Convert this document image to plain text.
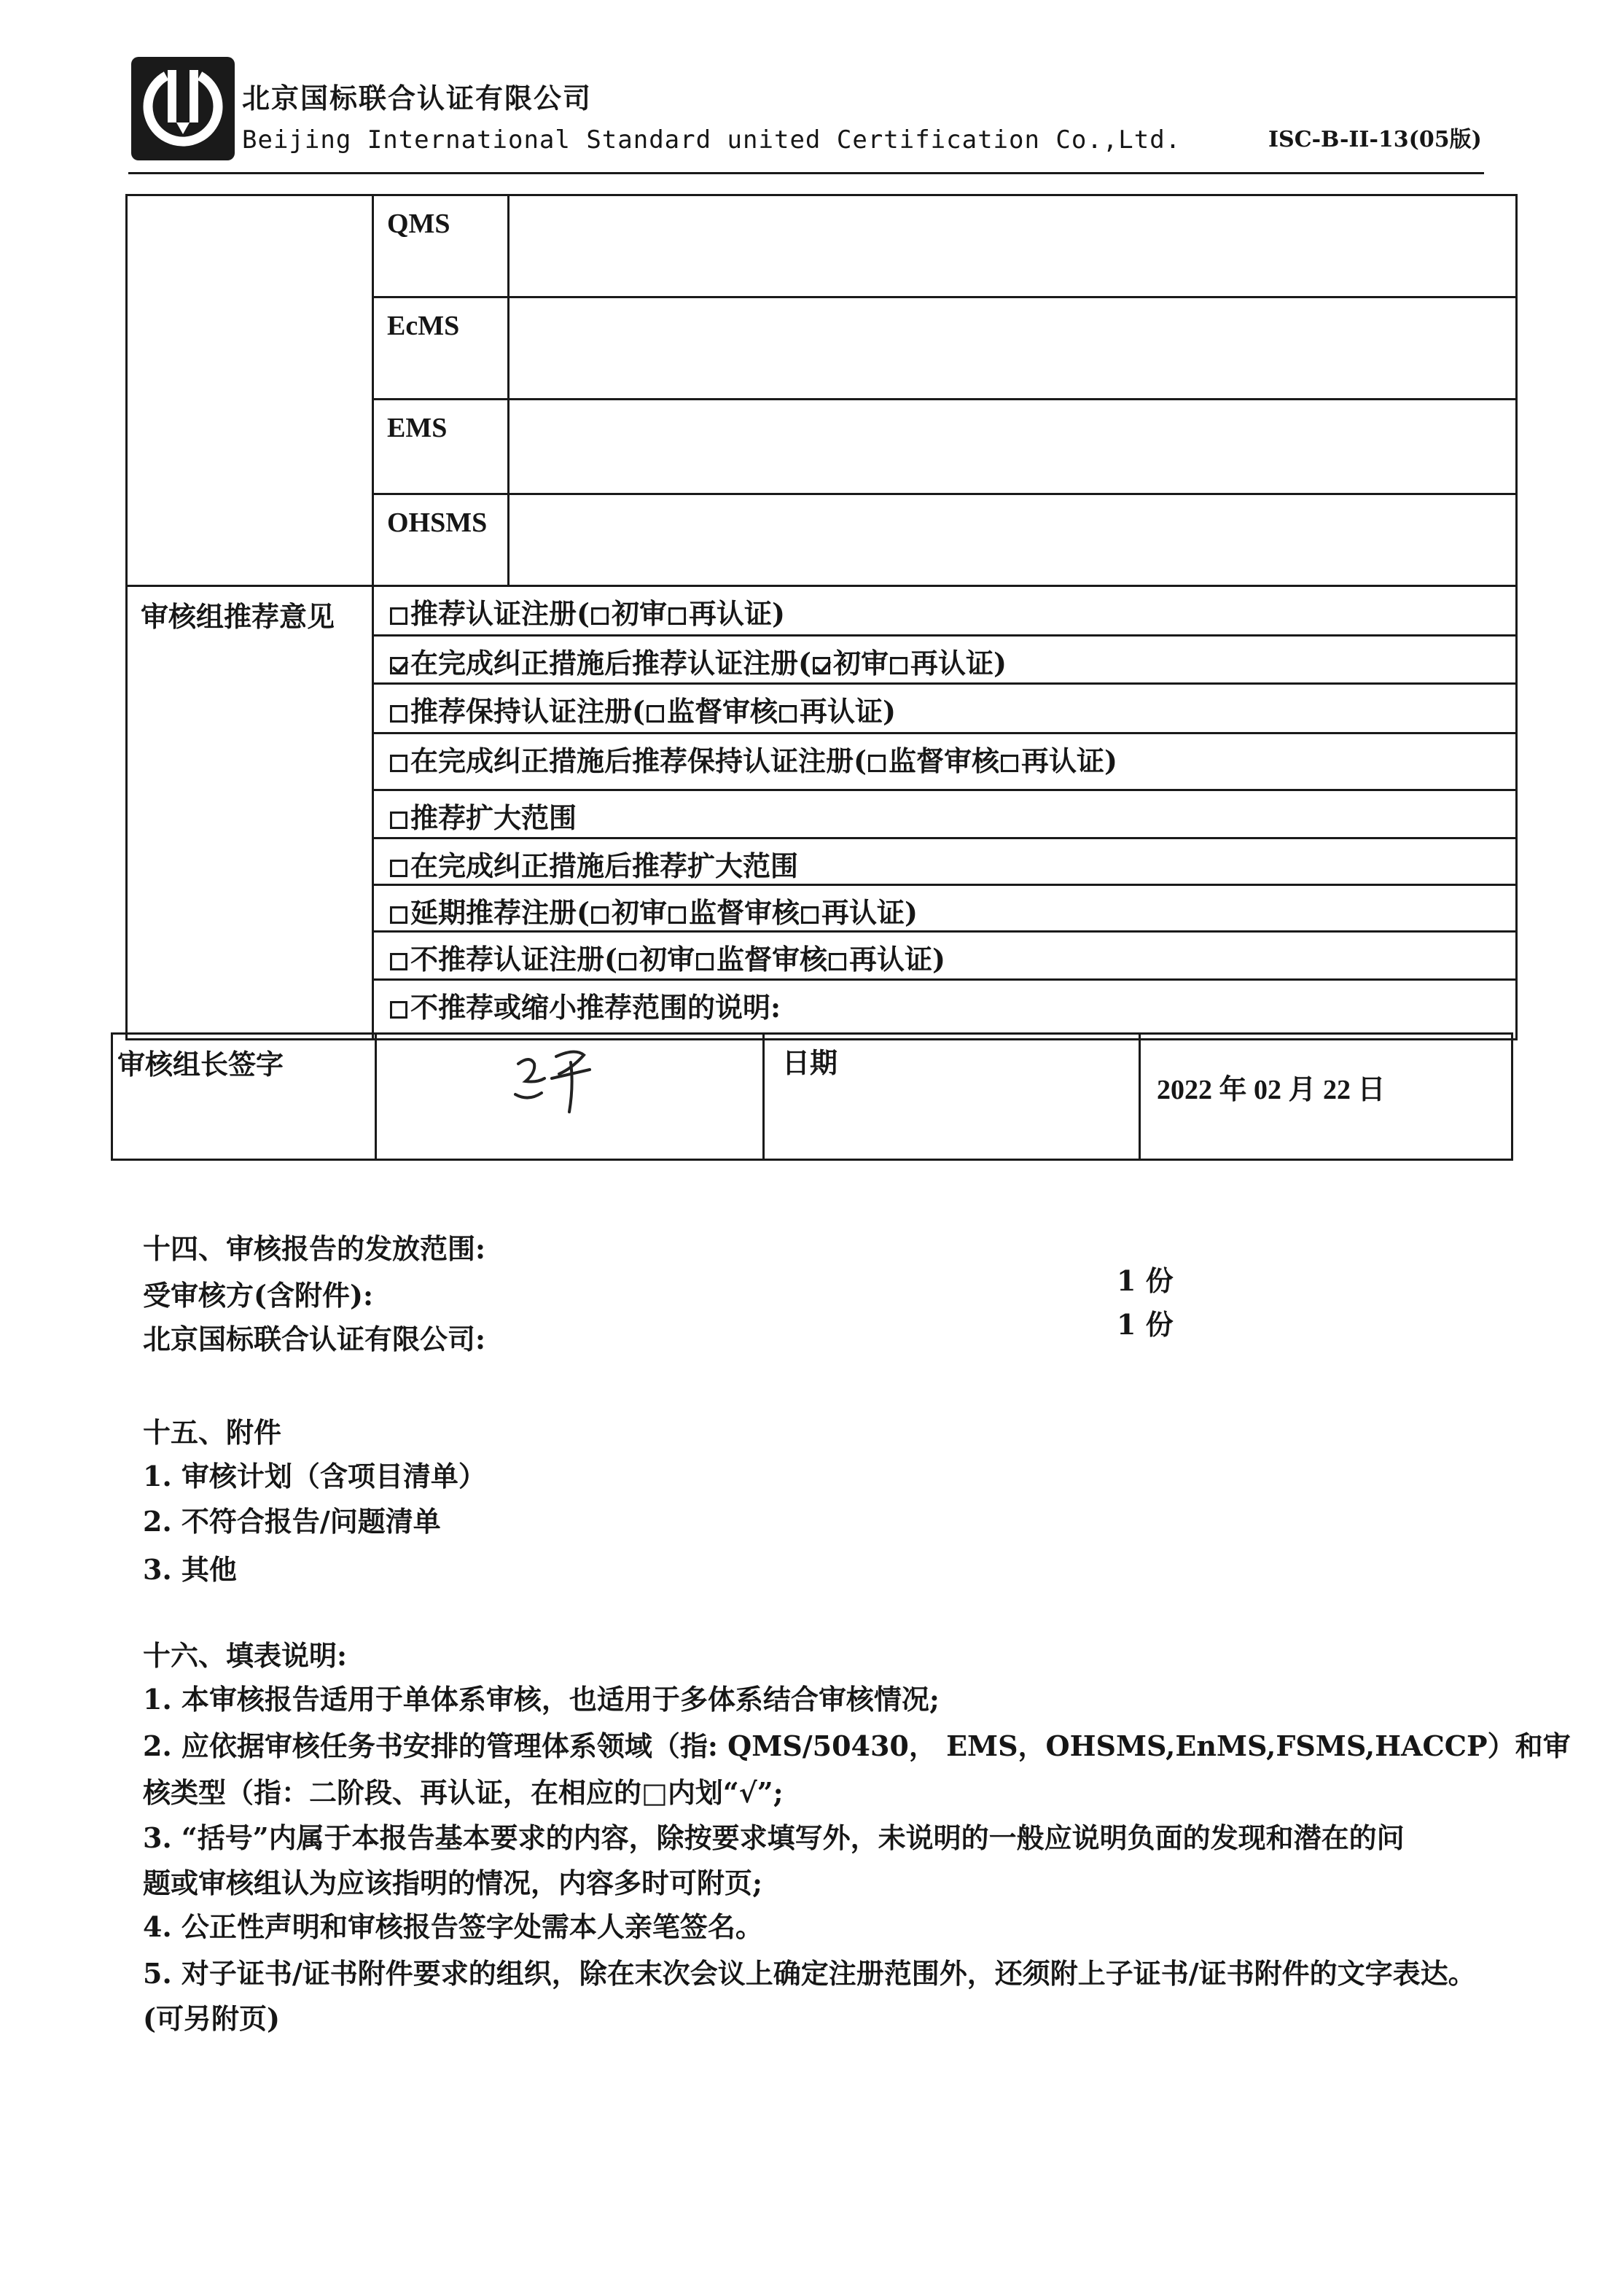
北京国标联合认证有限公司
Beijing International Standard united Certification Co.,Ltd.	ISC-B-II-13(05版)
	QMS	
	EcMS	
	EMS	
	OHSMS	
审核组推荐意见	推荐认证注册( 初审 再认证)	
	在完成纠正措施后推荐认证注册( 初审 再认证)	
	推荐保持认证注册( 监督审核 再认证)	
	在完成纠正措施后推荐保持认证注册( 监督审核 再认证)	
	推荐扩大范围	
	在完成纠正措施后推荐扩大范围	
	延期推荐注册( 初审 监督审核 再认证)	
	不推荐认证注册( 初审 监督审核 再认证)	
	不推荐或缩小推荐范围的说明:	
审核组长签字		日期	2022 年 02 月 22 日
十四、审核报告的发放范围:
受审核方(含附件):	1 份
北京国标联合认证有限公司:	1 份
十五、附件
1. 审核计划（含项目清单）
2. 不符合报告/问题清单
3. 其他
十六、填表说明:
1. 本审核报告适用于单体系审核，也适用于多体系结合审核情况;
2. 应依据审核任务书安排的管理体系领域（指: QMS/50430， EMS，OHSMS,EnMS,FSMS,HACCP）和审
核类型（指：二阶段、再认证，在相应的□内划“√”;
3. “括号”内属于本报告基本要求的内容，除按要求填写外，未说明的一般应说明负面的发现和潜在的问
题或审核组认为应该指明的情况，内容多时可附页;
4. 公正性声明和审核报告签字处需本人亲笔签名。
5. 对子证书/证书附件要求的组织，除在末次会议上确定注册范围外，还须附上子证书/证书附件的文字表达。
(可另附页)
